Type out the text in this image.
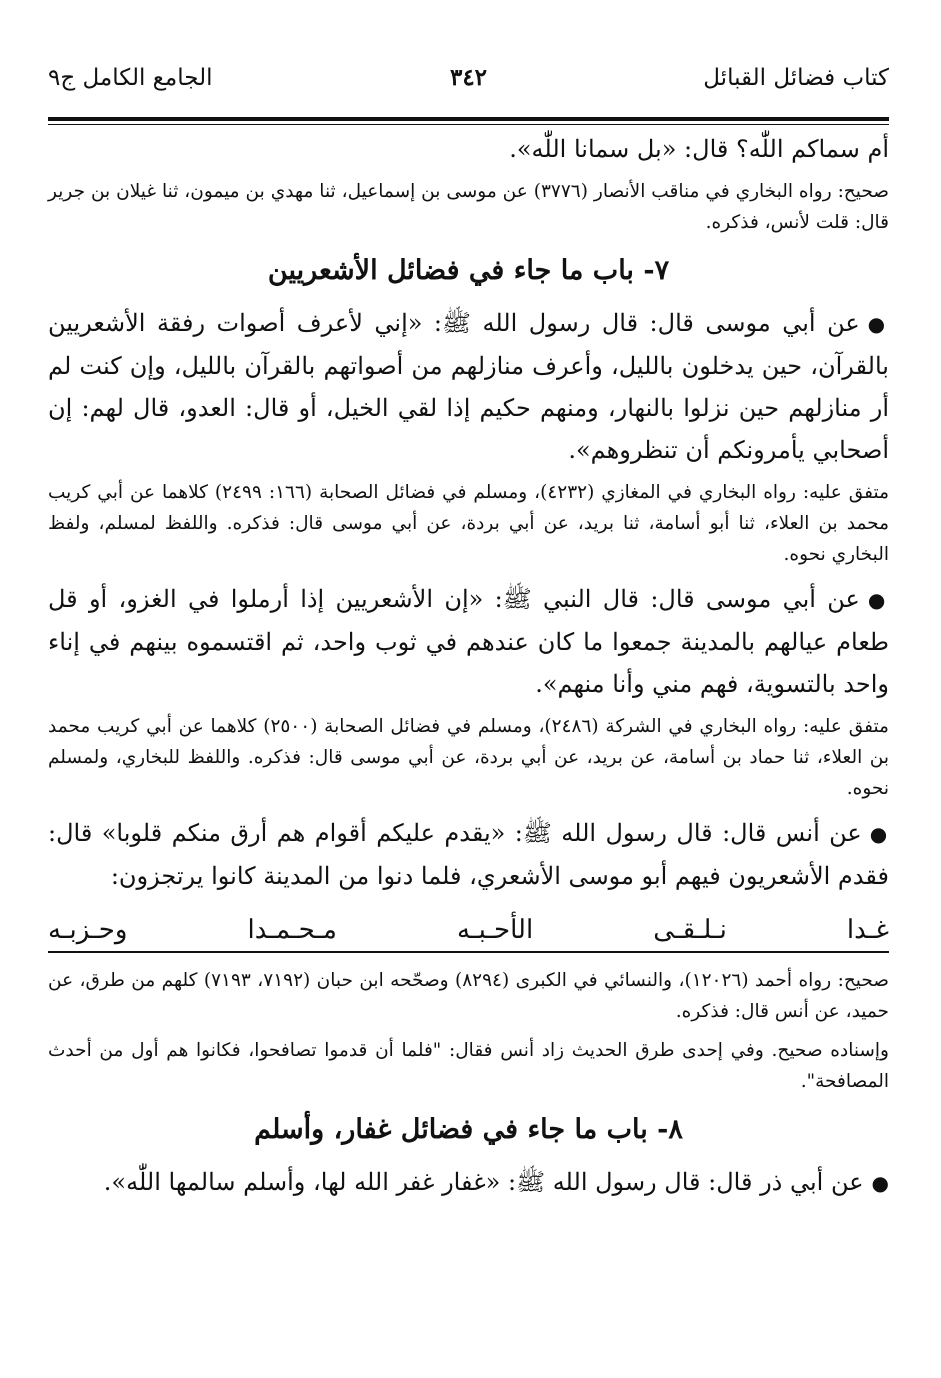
كتاب فضائل القبائل
٣٤٢
الجامع الكامل ج٩

أم سماكم اللّٰه؟ قال: «بل سمانا اللّٰه».

صحيح: رواه البخاري في مناقب الأنصار (٣٧٧٦) عن موسى بن إسماعيل، ثنا مهدي بن ميمون، ثنا غيلان بن جرير قال: قلت لأنس، فذكره.

٧- باب ما جاء في فضائل الأشعريين

●عن أبي موسى قال: قال رسول الله ﷺ: «إني لأعرف أصوات رفقة الأشعريين بالقرآن، حين يدخلون بالليل، وأعرف منازلهم من أصواتهم بالقرآن بالليل، وإن كنت لم أر منازلهم حين نزلوا بالنهار، ومنهم حكيم إذا لقي الخيل، أو قال: العدو، قال لهم: إن أصحابي يأمرونكم أن تنظروهم».

متفق عليه: رواه البخاري في المغازي (٤٢٣٢)، ومسلم في فضائل الصحابة (١٦٦: ٢٤٩٩) كلاهما عن أبي كريب محمد بن العلاء، ثنا أبو أسامة، ثنا بريد، عن أبي بردة، عن أبي موسى قال: فذكره. واللفظ لمسلم، ولفظ البخاري نحوه.

●عن أبي موسى قال: قال النبي ﷺ: «إن الأشعريين إذا أرملوا في الغزو، أو قل طعام عيالهم بالمدينة جمعوا ما كان عندهم في ثوب واحد، ثم اقتسموه بينهم في إناء واحد بالتسوية، فهم مني وأنا منهم».

متفق عليه: رواه البخاري في الشركة (٢٤٨٦)، ومسلم في فضائل الصحابة (٢٥٠٠) كلاهما عن أبي كريب محمد بن العلاء، ثنا حماد بن أسامة، عن بريد، عن أبي بردة، عن أبي موسى قال: فذكره. واللفظ للبخاري، ولمسلم نحوه.

●عن أنس قال: قال رسول الله ﷺ: «يقدم عليكم أقوام هم أرق منكم قلوبا» قال: فقدم الأشعريون فيهم أبو موسى الأشعري، فلما دنوا من المدينة كانوا يرتجزون:

غـدا نـلـقـى الأحـبـه مـحـمـدا وحـزبـه

صحيح: رواه أحمد (١٢٠٢٦)، والنسائي في الكبرى (٨٢٩٤) وصحّحه ابن حبان (٧١٩٢، ٧١٩٣) كلهم من طرق، عن حميد، عن أنس قال: فذكره.

وإسناده صحيح. وفي إحدى طرق الحديث زاد أنس فقال: "فلما أن قدموا تصافحوا، فكانوا هم أول من أحدث المصافحة".

٨- باب ما جاء في فضائل غفار، وأسلم

●عن أبي ذر قال: قال رسول الله ﷺ: «غفار غفر الله لها، وأسلم سالمها اللّٰه».
